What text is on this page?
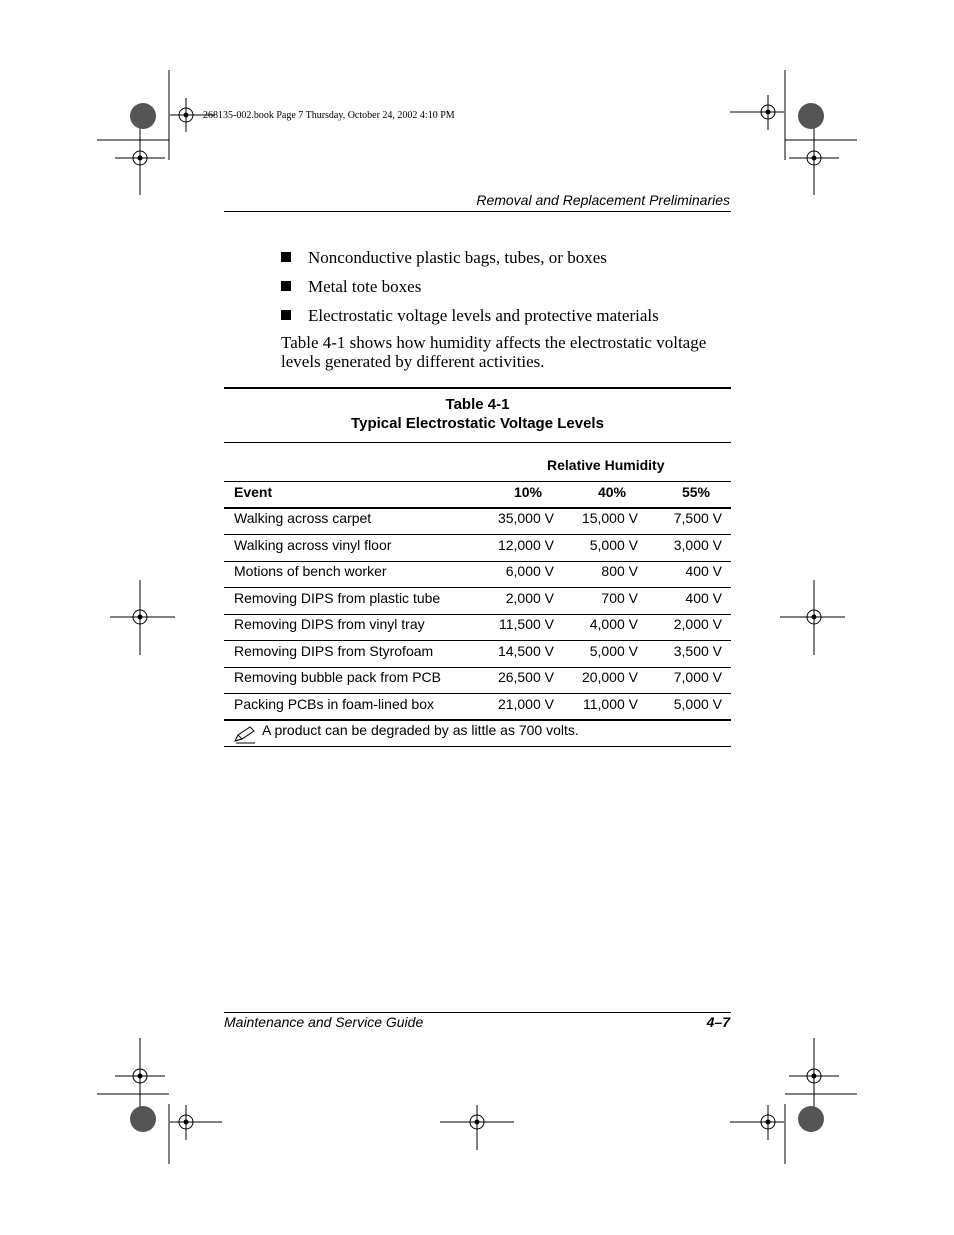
268135-002.book Page 7 Thursday, October 24, 2002 4:10 PM
Removal and Replacement Preliminaries
Nonconductive plastic bags, tubes, or boxes
Metal tote boxes
Electrostatic voltage levels and protective materials

Table 4-1 shows how humidity affects the electrostatic voltage levels generated by different activities.

Table 4-1
Typical Electrostatic Voltage Levels
Relative Humidity
Event	10%	40%	55%
Walking across carpet	35,000 V	15,000 V	7,500 V
Walking across vinyl floor	12,000 V	5,000 V	3,000 V
Motions of bench worker	6,000 V	800 V	400 V
Removing DIPS from plastic tube	2,000 V	700 V	400 V
Removing DIPS from vinyl tray	11,500 V	4,000 V	2,000 V
Removing DIPS from Styrofoam	14,500 V	5,000 V	3,500 V
Removing bubble pack from PCB	26,500 V	20,000 V	7,000 V
Packing PCBs in foam-lined box	21,000 V	11,000 V	5,000 V
A product can be degraded by as little as 700 volts.
Maintenance and Service Guide	4–7
